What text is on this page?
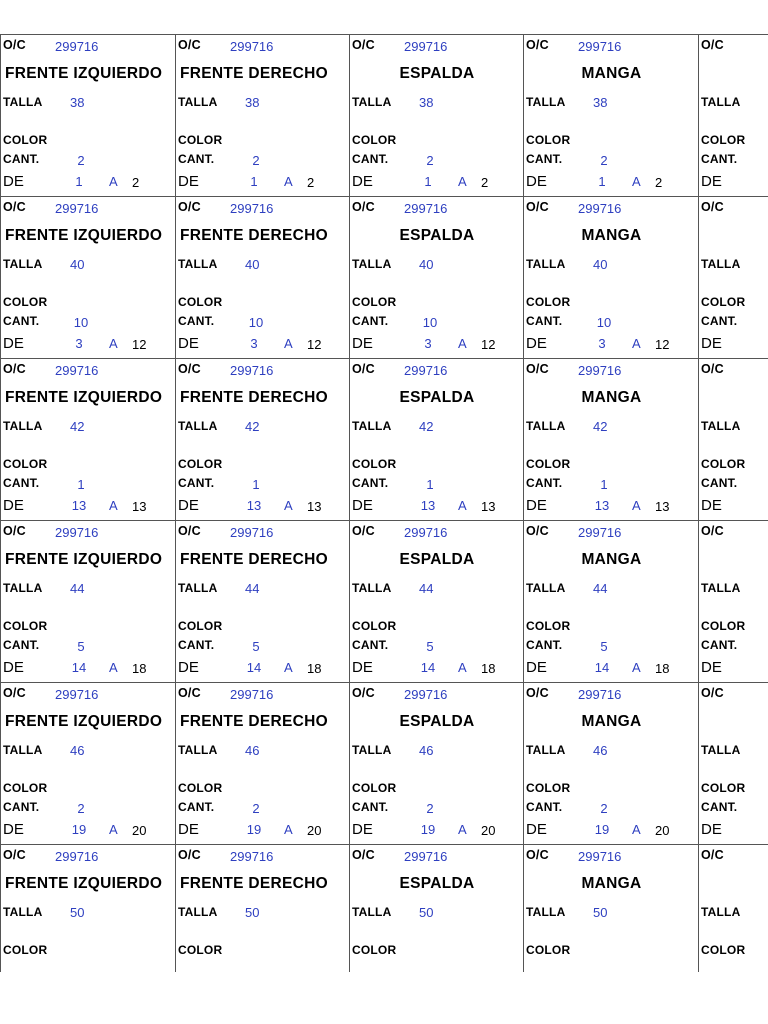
O/C 299716
FRENTE IZQUIERDO
TALLA 38
COLOR
CANT.
DE
2
1	A 2
O/C 299716
FRENTE DERECHO
TALLA 38
COLOR
CANT.
DE
2
1	A 2
O/C 299716
ESPALDA
TALLA 38
COLOR
CANT.
DE
2
1	A 2
O/C 299716
MANGA
TALLA 38
COLOR
CANT.
DE
2
1	A 2
O/C
TALLA
COLOR
CANT.
DE
O/C 299716
FRENTE IZQUIERDO
TALLA 40
COLOR
CANT.
DE
10
3	A 12
O/C 299716
FRENTE DERECHO
TALLA 40
COLOR
CANT.
DE
10
3	A 12
O/C 299716
ESPALDA
TALLA 40
COLOR
CANT.
DE
10
3	A 12
O/C 299716
MANGA
TALLA 40
COLOR
CANT.
DE
10
3	A 12
O/C
TALLA
COLOR
CANT.
DE
O/C 299716
FRENTE IZQUIERDO
TALLA 42
COLOR
CANT.
DE
1
13	A 13
O/C 299716
FRENTE DERECHO
TALLA 42
COLOR
CANT.
DE
1
13	A 13
O/C 299716
ESPALDA
TALLA 42
COLOR
CANT.
DE
1
13	A 13
O/C 299716
MANGA
TALLA 42
COLOR
CANT.
DE
1
13	A 13
O/C
TALLA
COLOR
CANT.
DE
O/C 299716
FRENTE IZQUIERDO
TALLA 44
COLOR
CANT.
DE
5
14	A 18
O/C 299716
FRENTE DERECHO
TALLA 44
COLOR
CANT.
DE
5
14	A 18
O/C 299716
ESPALDA
TALLA 44
COLOR
CANT.
DE
5
14	A 18
O/C 299716
MANGA
TALLA 44
COLOR
CANT.
DE
5
14	A 18
O/C
TALLA
COLOR
CANT.
DE
O/C 299716
FRENTE IZQUIERDO
TALLA 46
COLOR
CANT.
DE
2
19	A 20
O/C 299716
FRENTE DERECHO
TALLA 46
COLOR
CANT.
DE
2
19	A 20
O/C 299716
ESPALDA
TALLA 46
COLOR
CANT.
DE
2
19	A 20
O/C 299716
MANGA
TALLA 46
COLOR
CANT.
DE
2
19	A 20
O/C
TALLA
COLOR
CANT.
DE
O/C 299716
FRENTE IZQUIERDO
TALLA 50
COLOR
O/C 299716
FRENTE DERECHO
TALLA 50
COLOR
O/C 299716
ESPALDA
TALLA 50
COLOR
O/C 299716
MANGA
TALLA 50
COLOR
O/C
TALLA
COLOR
